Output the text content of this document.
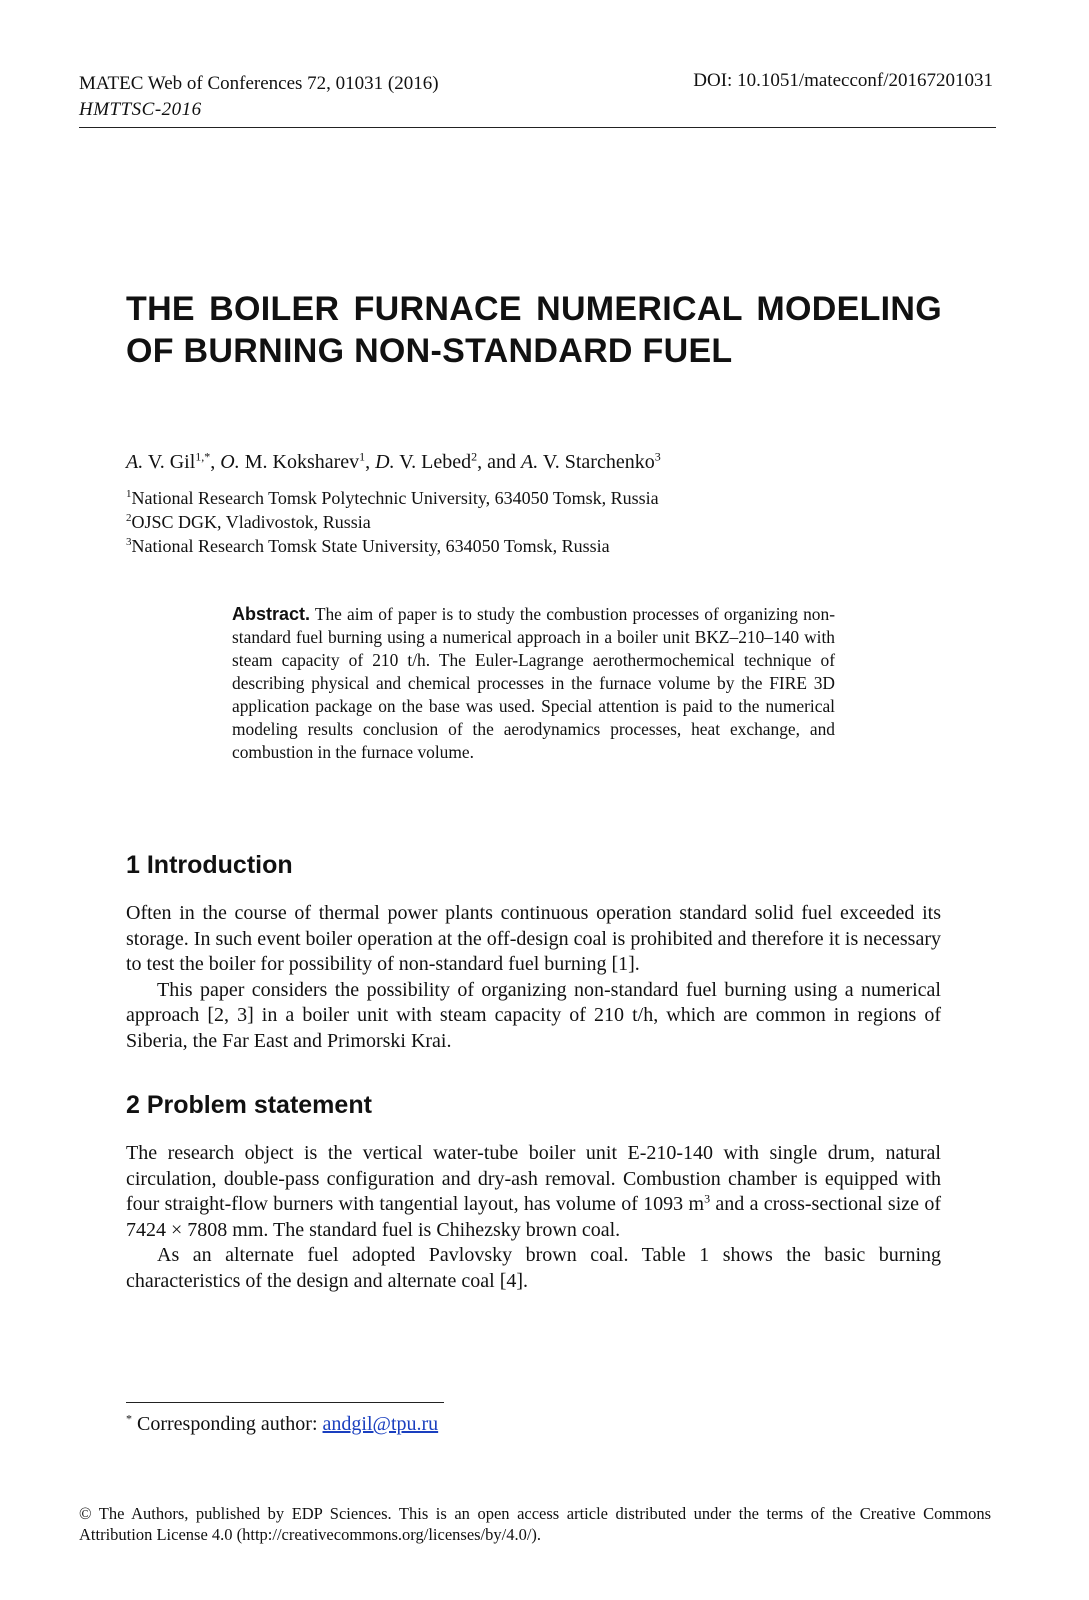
MATEC Web of Conferences 72, 01031 (2016)
HMTTSC-2016
DOI: 10.1051/matecconf/20167201031
THE BOILER FURNACE NUMERICAL MODELING OF BURNING NON-STANDARD FUEL
A. V. Gil$^{1,*}$, O. M. Koksharev$^1$, D. V. Lebed$^2$, and A. V. Starchenko$^3$
$^1$National Research Tomsk Polytechnic University, 634050 Tomsk, Russia
$^2$OJSC DGK, Vladivostok, Russia
$^3$National Research Tomsk State University, 634050 Tomsk, Russia

Abstract. The aim of paper is to study the combustion processes of organizing non-standard fuel burning using a numerical approach in a boiler unit BKZ–210–140 with steam capacity of 210 t/h. The Euler-Lagrange aerothermochemical technique of describing physical and chemical processes in the furnace volume by the FIRE 3D application package on the base was used. Special attention is paid to the numerical modeling results conclusion of the aerodynamics processes, heat exchange, and combustion in the furnace volume.

1 Introduction
Often in the course of thermal power plants continuous operation standard solid fuel exceeded its storage. In such event boiler operation at the off-design coal is prohibited and therefore it is necessary to test the boiler for possibility of non-standard fuel burning [1].
This paper considers the possibility of organizing non-standard fuel burning using a numerical approach [2, 3] in a boiler unit with steam capacity of 210 t/h, which are common in regions of Siberia, the Far East and Primorski Krai.
2 Problem statement
The research object is the vertical water-tube boiler unit E-210-140 with single drum, natural circulation, double-pass configuration and dry-ash removal. Combustion chamber is equipped with four straight-flow burners with tangential layout, has volume of 1093 $m^3$ and a cross-sectional size of 7424 × 7808 mm. The standard fuel is Chihezsky brown coal.
As an alternate fuel adopted Pavlovsky brown coal. Table 1 shows the basic burning characteristics of the design and alternate coal [4].
* Corresponding author: andgil@tpu.ru

© The Authors, published by EDP Sciences. This is an open access article distributed under the terms of the Creative Commons Attribution License 4.0 (http://creativecommons.org/licenses/by/4.0/).
